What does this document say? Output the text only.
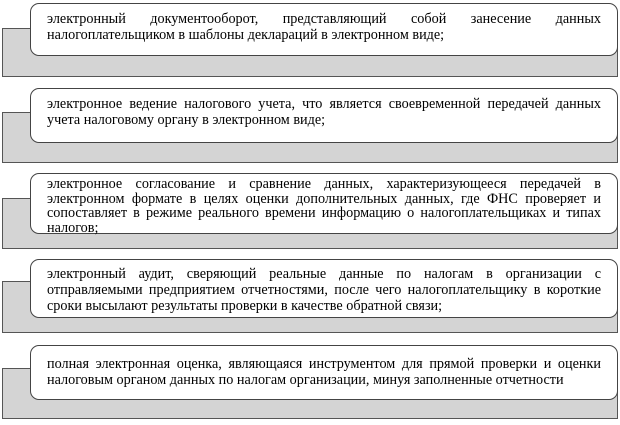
электронный документооборот, представляющий собой занесение данных налогоплательщиком в шаблоны деклараций в электронном виде;

электронное ведение налогового учета, что является своевременной передачей данных учета налоговому органу в электронном виде;

электронное согласование и сравнение данных, характеризующееся передачей в электронном формате в целях оценки дополнительных данных, где ФНС проверяет и сопоставляет в режиме реального времени информацию о налогоплательщиках и типах налогов;

электронный аудит, сверяющий реальные данные по налогам в организации с отправляемыми предприятием отчетностями, после чего налогоплательщику в короткие сроки высылают результаты проверки в качестве обратной связи;

полная электронная оценка, являющаяся инструментом для прямой проверки и оценки налоговым органом данных по налогам организации, минуя заполненные отчетности
